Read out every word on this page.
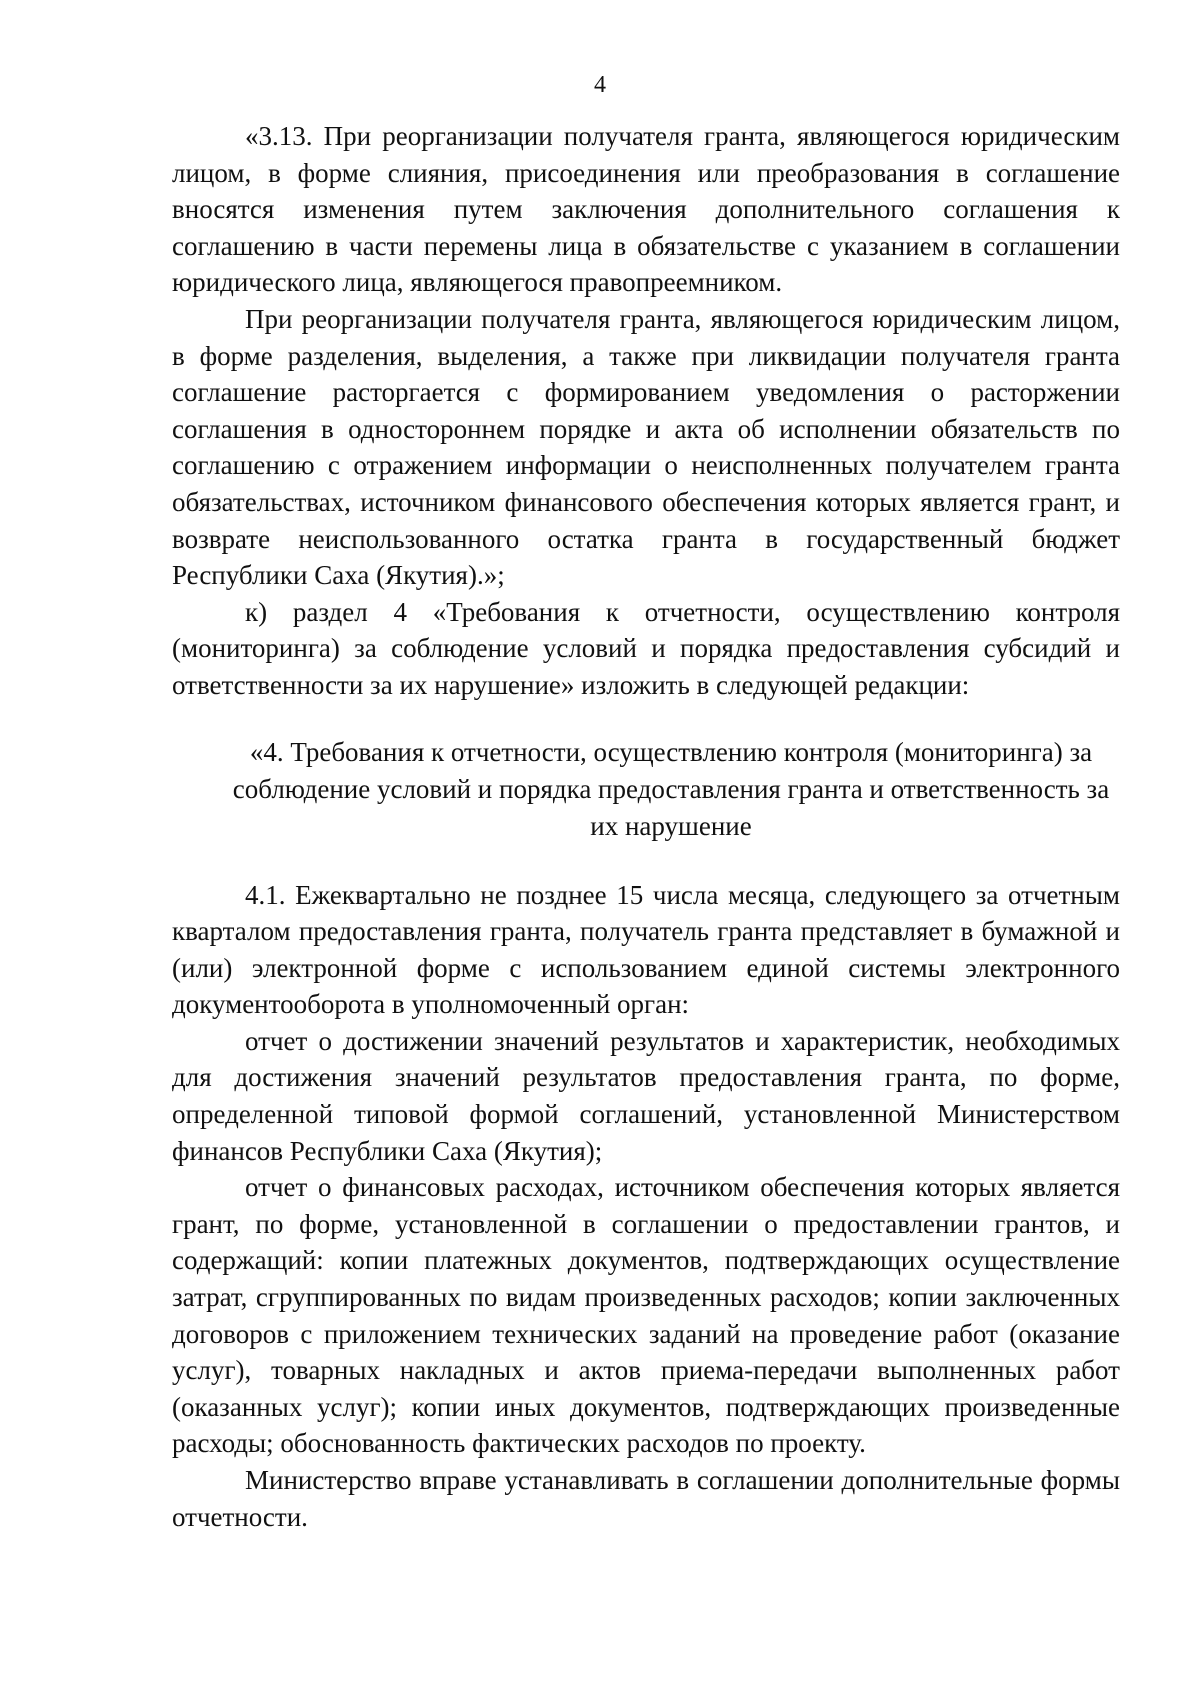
4

«3.13. При реорганизации получателя гранта, являющегося юридическим лицом, в форме слияния, присоединения или преобразования в соглашение вносятся изменения путем заключения дополнительного соглашения к соглашению в части перемены лица в обязательстве с указанием в соглашении юридического лица, являющегося правопреемником.

При реорганизации получателя гранта, являющегося юридическим лицом, в форме разделения, выделения, а также при ликвидации получателя гранта соглашение расторгается с формированием уведомления о расторжении соглашения в одностороннем порядке и акта об исполнении обязательств по соглашению с отражением информации о неисполненных получателем гранта обязательствах, источником финансового обеспечения которых является грант, и возврате неиспользованного остатка гранта в государственный бюджет Республики Саха (Якутия).»;

к) раздел 4 «Требования к отчетности, осуществлению контроля (мониторинга) за соблюдение условий и порядка предоставления субсидий и ответственности за их нарушение» изложить в следующей редакции:

«4. Требования к отчетности, осуществлению контроля (мониторинга) за соблюдение условий и порядка предоставления гранта и ответственность за их нарушение

4.1. Ежеквартально не позднее 15 числа месяца, следующего за отчетным кварталом предоставления гранта, получатель гранта представляет в бумажной и (или) электронной форме с использованием единой системы электронного документооборота в уполномоченный орган:

отчет о достижении значений результатов и характеристик, необходимых для достижения значений результатов предоставления гранта, по форме, определенной типовой формой соглашений, установленной Министерством финансов Республики Саха (Якутия);

отчет о финансовых расходах, источником обеспечения которых является грант, по форме, установленной в соглашении о предоставлении грантов, и содержащий: копии платежных документов, подтверждающих осуществление затрат, сгруппированных по видам произведенных расходов; копии заключенных договоров с приложением технических заданий на проведение работ (оказание услуг), товарных накладных и актов приема-передачи выполненных работ (оказанных услуг); копии иных документов, подтверждающих произведенные расходы; обоснованность фактических расходов по проекту.

Министерство вправе устанавливать в соглашении дополнительные формы отчетности.
